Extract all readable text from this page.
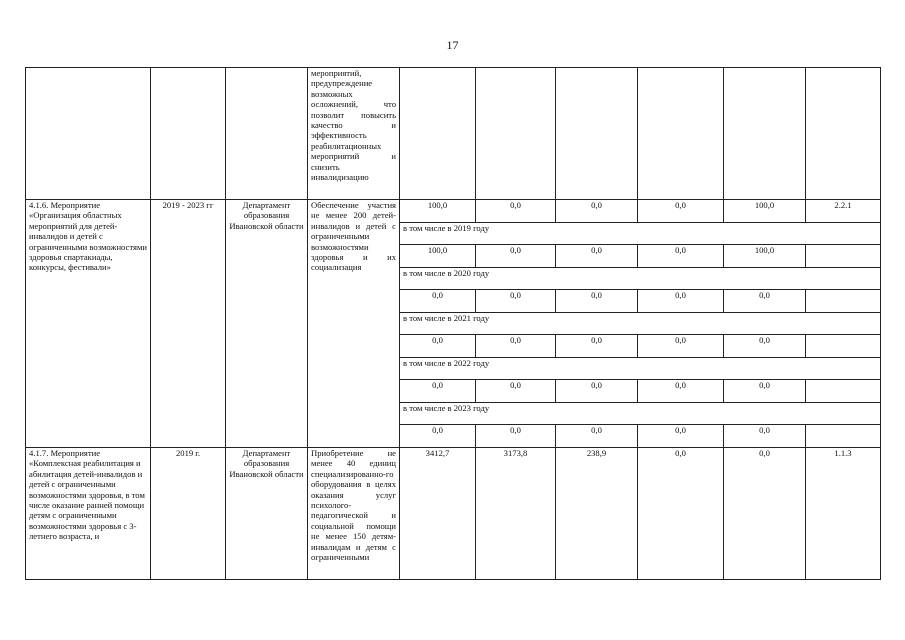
17

			мероприятий, предупреждение возможных осложнений, что позволит повысить качество и эффективность реабилитационных мероприятий и снизить инвалидизацию						

4.1.6. Мероприятие «Организация областных мероприятий для детей-инвалидов и детей с ограниченными возможностями здоровья спартакиады, конкурсы, фестивали»	2019 - 2023 гг	Департамент образования Ивановской области	Обеспечение участия не менее 200 детей-инвалидов и детей с ограниченными возможностями здоровья и их социализация	100,0	0,0	0,0	0,0	100,0	2.2.1
				в том числе в 2019 году					
				100,0	0,0	0,0	0,0	100,0	
				в том числе в 2020 году					
				0,0	0,0	0,0	0,0	0,0	
				в том числе в 2021 году					
				0,0	0,0	0,0	0,0	0,0	
				в том числе в 2022 году					
				0,0	0,0	0,0	0,0	0,0	
				в том числе в 2023 году					
				0,0	0,0	0,0	0,0	0,0	

4.1.7. Мероприятие «Комплексная реабилитация и абилитация детей-инвалидов и детей с ограниченными возможностями здоровья, в том числе оказание ранней помощи детям с ограниченными возможностями здоровья с 3-летнего возраста, и	2019 г.	Департамент образования Ивановской области	Приобретение не менее 40 единиц специализированно-го оборудования в целях оказания услуг психолого-педагогической и социальной помощи не менее 150 детям-инвалидам и детям с ограниченными	3412,7	3173,8	238,9	0,0	0,0	1.1.3
